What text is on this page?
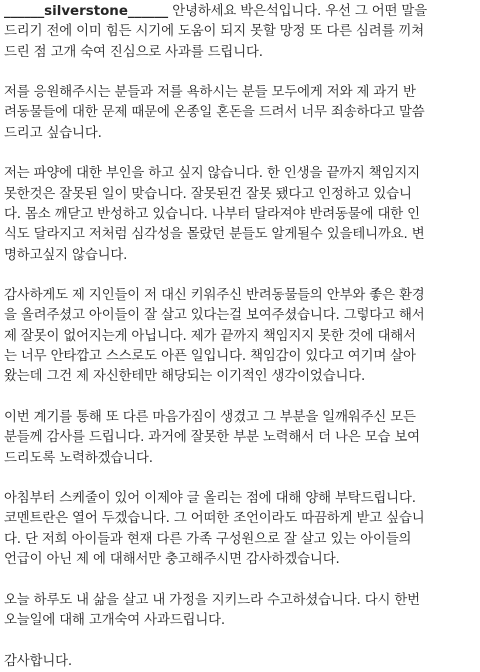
______silverstone______ 안녕하세요 박은석입니다. 우선 그 어떤 말을
드리기 전에 이미 힘든 시기에 도움이 되지 못할 망정 또 다른 심려를 끼쳐
드린 점 고개 숙여 진심으로 사과를 드립니다.
저를 응원해주시는 분들과 저를 욕하시는 분들 모두에게 저와 제 과거 반
려동물들에 대한 문제 때문에 온종일 혼돈을 드려서 너무 죄송하다고 말씀
드리고 싶습니다.
저는 파양에 대한 부인을 하고 싶지 않습니다. 한 인생을 끝까지 책임지지
못한것은 잘못된 일이 맞습니다. 잘못된건 잘못 됐다고 인정하고 있습니
다. 몸소 깨닫고 반성하고 있습니다. 나부터 달라져야 반려동물에 대한 인
식도 달라지고 저처럼 심각성을 몰랐던 분들도 알게될수 있을테니까요. 변
명하고싶지 않습니다.
감사하게도 제 지인들이 저 대신 키워주신 반려동물들의 안부와 좋은 환경
을 올려주셨고 아이들이 잘 살고 있다는걸 보여주셨습니다. 그렇다고 해서
제 잘못이 없어지는게 아닙니다. 제가 끝까지 책임지지 못한 것에 대해서
는 너무 안타깝고 스스로도 아픈 일입니다. 책임감이 있다고 여기며 살아
왔는데 그건 제 자신한테만 해당되는 이기적인 생각이었습니다.
이번 계기를 통해 또 다른 마음가짐이 생겼고 그 부분을 일깨워주신 모든
분들께 감사를 드립니다. 과거에 잘못한 부분 노력해서 더 나은 모습 보여
드리도록 노력하겠습니다.
아침부터 스케줄이 있어 이제야 글 올리는 점에 대해 양해 부탁드립니다.
코멘트란은 열어 두겠습니다. 그 어떠한 조언이라도 따끔하게 받고 싶습니
다. 단 저희 아이들과 현재 다른 가족 구성원으로 잘 살고 있는 아이들의
언급이 아닌 제 에 대해서만 충고해주시면 감사하겠습니다.
오늘 하루도 내 삶을 살고 내 가정을 지키느라 수고하셨습니다. 다시 한번
오늘일에 대해 고개숙여 사과드립니다.
감사합니다.
